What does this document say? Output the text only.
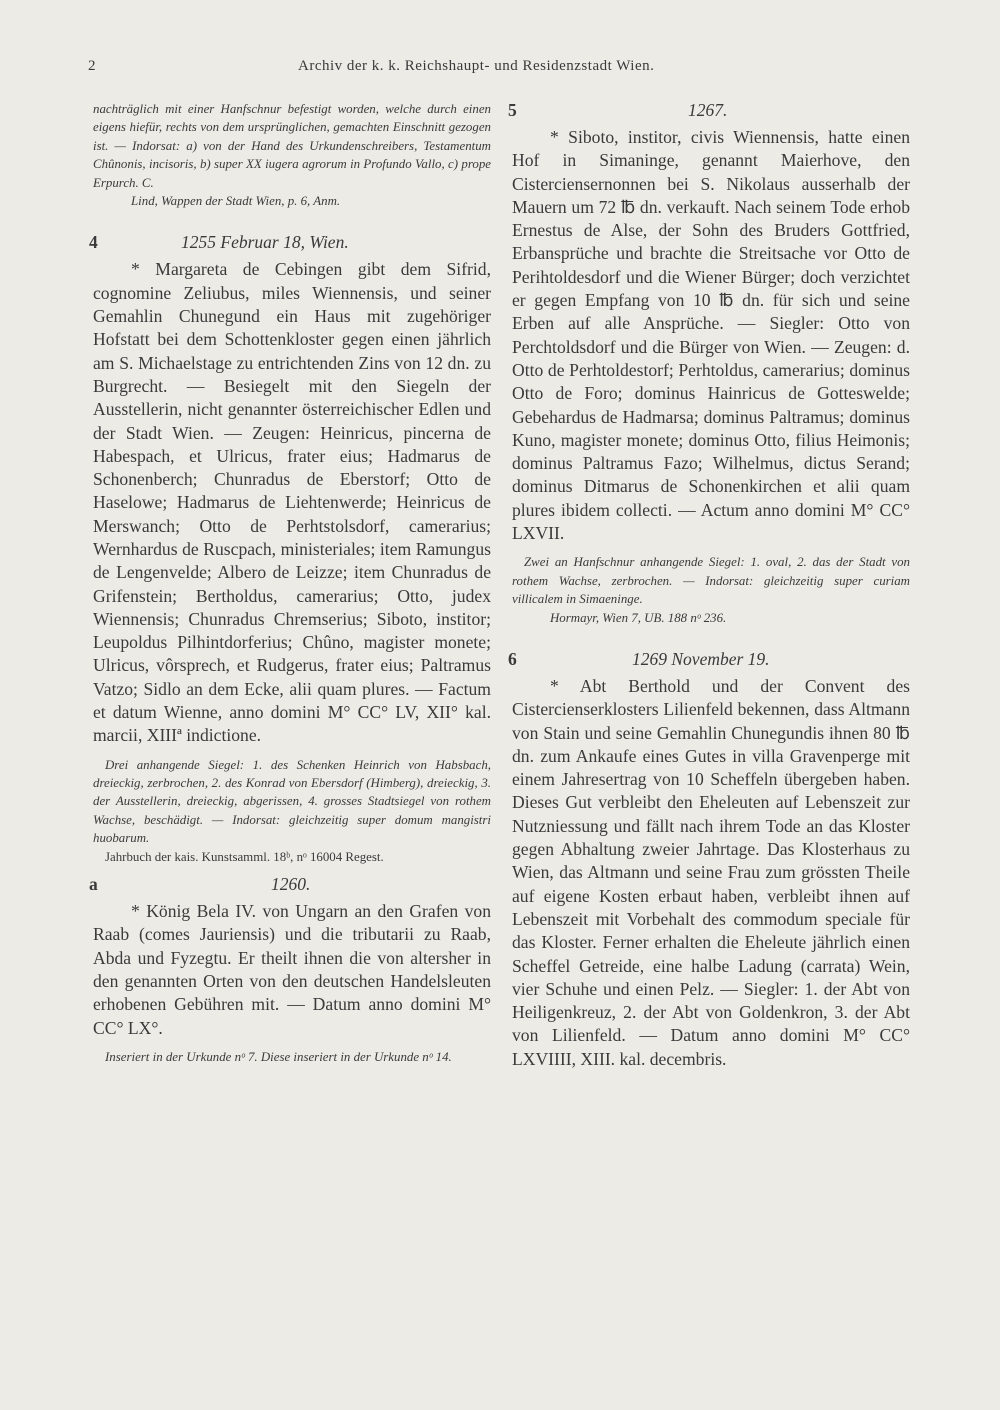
2	Archiv der k. k. Reichshaupt- und Residenzstadt Wien.

nachträglich mit einer Hanfschnur befestigt worden, welche durch einen eigens hiefür, rechts von dem ursprünglichen, gemachten Einschnitt gezogen ist. — Indorsat: a) von der Hand des Urkundenschreibers, Testamentum Chûnonis, incisoris, b) super XX iugera agrorum in Profundo Vallo, c) prope Erpurch. C.

Lind, Wappen der Stadt Wien, p. 6, Anm.

4	1255 Februar 18, Wien.

* Margareta de Cebingen gibt dem Sifrid, cognomine Zeliubus, miles Wiennensis, und seiner Gemahlin Chunegund ein Haus mit zugehöriger Hofstatt bei dem Schottenkloster gegen einen jährlich am S. Michaelstage zu entrichtenden Zins von 12 dn. zu Burgrecht. — Besiegelt mit den Siegeln der Ausstellerin, nicht genannter österreichischer Edlen und der Stadt Wien. — Zeugen: Heinricus, pincerna de Habespach, et Ulricus, frater eius; Hadmarus de Schonenberch; Chunradus de Eberstorf; Otto de Haselowe; Hadmarus de Liehtenwerde; Heinricus de Merswanch; Otto de Perhtstolsdorf, camerarius; Wernhardus de Ruscpach, ministeriales; item Ramungus de Lengenvelde; Albero de Leizze; item Chunradus de Grifenstein; Bertholdus, camerarius; Otto, judex Wiennensis; Chunradus Chremserius; Siboto, institor; Leupoldus Pilhintdorferius; Chûno, magister monete; Ulricus, vôrsprech, et Rudgerus, frater eius; Paltramus Vatzo; Sidlo an dem Ecke, alii quam plures. — Factum et datum Wienne, anno domini M° CC° LV, XII° kal. marcii, XIIIª indictione.

Drei anhangende Siegel: 1. des Schenken Heinrich von Habsbach, dreieckig, zerbrochen, 2. des Konrad von Ebersdorf (Himberg), dreieckig, 3. der Ausstellerin, dreieckig, abgerissen, 4. grosses Stadtsiegel von rothem Wachse, beschädigt. — Indorsat: gleichzeitig super domum mangistri huobarum.

Jahrbuch der kais. Kunstsamml. 18ᵇ, nᵒ 16004 Regest.

a	1260.

* König Bela IV. von Ungarn an den Grafen von Raab (comes Jauriensis) und die tributarii zu Raab, Abda und Fyzegtu. Er theilt ihnen die von altersher in den genannten Orten von den deutschen Handelsleuten erhobenen Gebühren mit. — Datum anno domini M° CC° LX°.

Inseriert in der Urkunde nᵒ 7. Diese inseriert in der Urkunde nᵒ 14.

5	1267.

* Siboto, institor, civis Wiennensis, hatte einen Hof in Simaninge, genannt Maierhove, den Cisterciensernonnen bei S. Nikolaus ausserhalb der Mauern um 72 ℔ dn. verkauft. Nach seinem Tode erhob Ernestus de Alse, der Sohn des Bruders Gottfried, Erbansprüche und brachte die Streitsache vor Otto de Perihtoldesdorf und die Wiener Bürger; doch verzichtet er gegen Empfang von 10 ℔ dn. für sich und seine Erben auf alle Ansprüche. — Siegler: Otto von Perchtoldsdorf und die Bürger von Wien. — Zeugen: d. Otto de Perhtoldestorf; Perhtoldus, camerarius; dominus Otto de Foro; dominus Hainricus de Gotteswelde; Gebehardus de Hadmarsa; dominus Paltramus; dominus Kuno, magister monete; dominus Otto, filius Heimonis; dominus Paltramus Fazo; Wilhelmus, dictus Serand; dominus Ditmarus de Schonenkirchen et alii quam plures ibidem collecti. — Actum anno domini M° CC° LXVII.

Zwei an Hanfschnur anhangende Siegel: 1. oval, 2. das der Stadt von rothem Wachse, zerbrochen. — Indorsat: gleichzeitig super curiam villicalem in Simaeninge.

Hormayr, Wien 7, UB. 188 nᵒ 236.

6	1269 November 19.

* Abt Berthold und der Convent des Cistercienserklosters Lilienfeld bekennen, dass Altmann von Stain und seine Gemahlin Chunegundis ihnen 80 ℔ dn. zum Ankaufe eines Gutes in villa Gravenperge mit einem Jahresertrag von 10 Scheffeln übergeben haben. Dieses Gut verbleibt den Eheleuten auf Lebenszeit zur Nutzniessung und fällt nach ihrem Tode an das Kloster gegen Abhaltung zweier Jahrtage. Das Klosterhaus zu Wien, das Altmann und seine Frau zum grössten Theile auf eigene Kosten erbaut haben, verbleibt ihnen auf Lebenszeit mit Vorbehalt des commodum speciale für das Kloster. Ferner erhalten die Eheleute jährlich einen Scheffel Getreide, eine halbe Ladung (carrata) Wein, vier Schuhe und einen Pelz. — Siegler: 1. der Abt von Heiligenkreuz, 2. der Abt von Goldenkron, 3. der Abt von Lilienfeld. — Datum anno domini M° CC° LXVIIII, XIII. kal. decembris.
